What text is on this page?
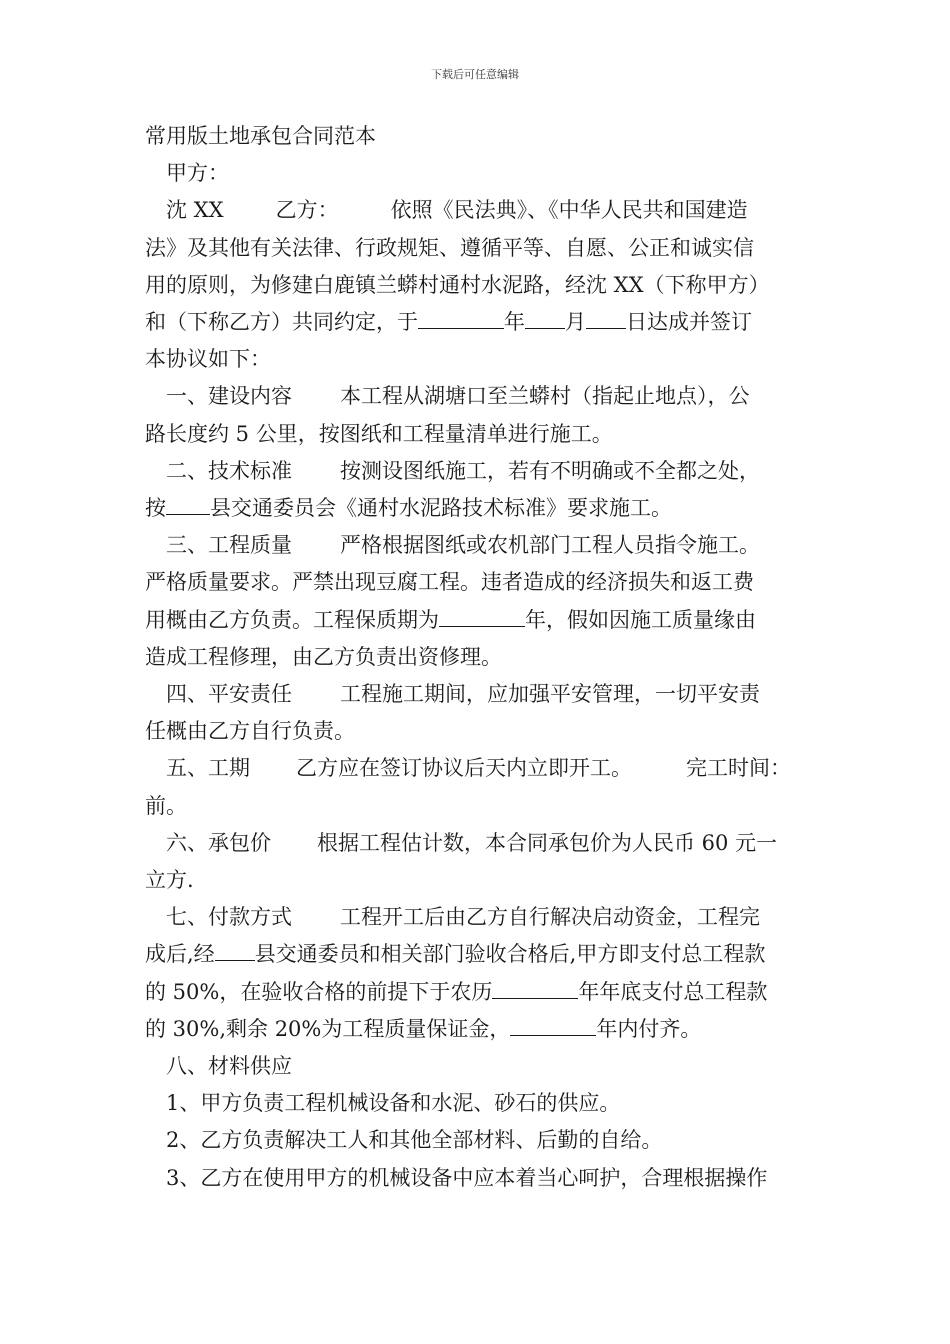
下载后可任意编辑

常用版土地承包合同范本

甲方：

沈 XX 乙方： 依照《民法典》、《中华人民共和国建造

法》及其他有关法律、行政规矩、遵循平等、自愿、公正和诚实信

用的原则，为修建白鹿镇兰蟒村通村水泥路，经沈 XX（下称甲方）

和（下称乙方）共同约定，于	年 月 日达成并签订

本协议如下：

一、建设内容 本工程从湖塘口至兰蟒村（指起止地点），公

路长度约 5 公里，按图纸和工程量清单进行施工。

二、技术标准 按测设图纸施工，若有不明确或不全都之处，

按 县交通委员会《通村水泥路技术标准》要求施工。

三、工程质量 严格根据图纸或农机部门工程人员指令施工。

严格质量要求。严禁出现豆腐工程。违者造成的经济损失和返工费

用概由乙方负责。工程保质期为	年，假如因施工质量缘由

造成工程修理，由乙方负责出资修理。

四、平安责任 工程施工期间，应加强平安管理，一切平安责

任概由乙方自行负责。

五、工期 乙方应在签订协议后天内立即开工。	完工时间：

前。

六、承包价 根据工程估计数，本合同承包价为人民币 60 元一

立方.

七、付款方式 工程开工后由乙方自行解决启动资金，工程完

成后,经 县交通委员和相关部门验收合格后,甲方即支付总工程款

的 50%，在验收合格的前提下于农历	年年底支付总工程款

的 30%,剩余 20%为工程质量保证金，	年内付齐。

八、材料供应

1、甲方负责工程机械设备和水泥、砂石的供应。

2、乙方负责解决工人和其他全部材料、后勤的自给。

3、乙方在使用甲方的机械设备中应本着当心呵护，合理根据操作
